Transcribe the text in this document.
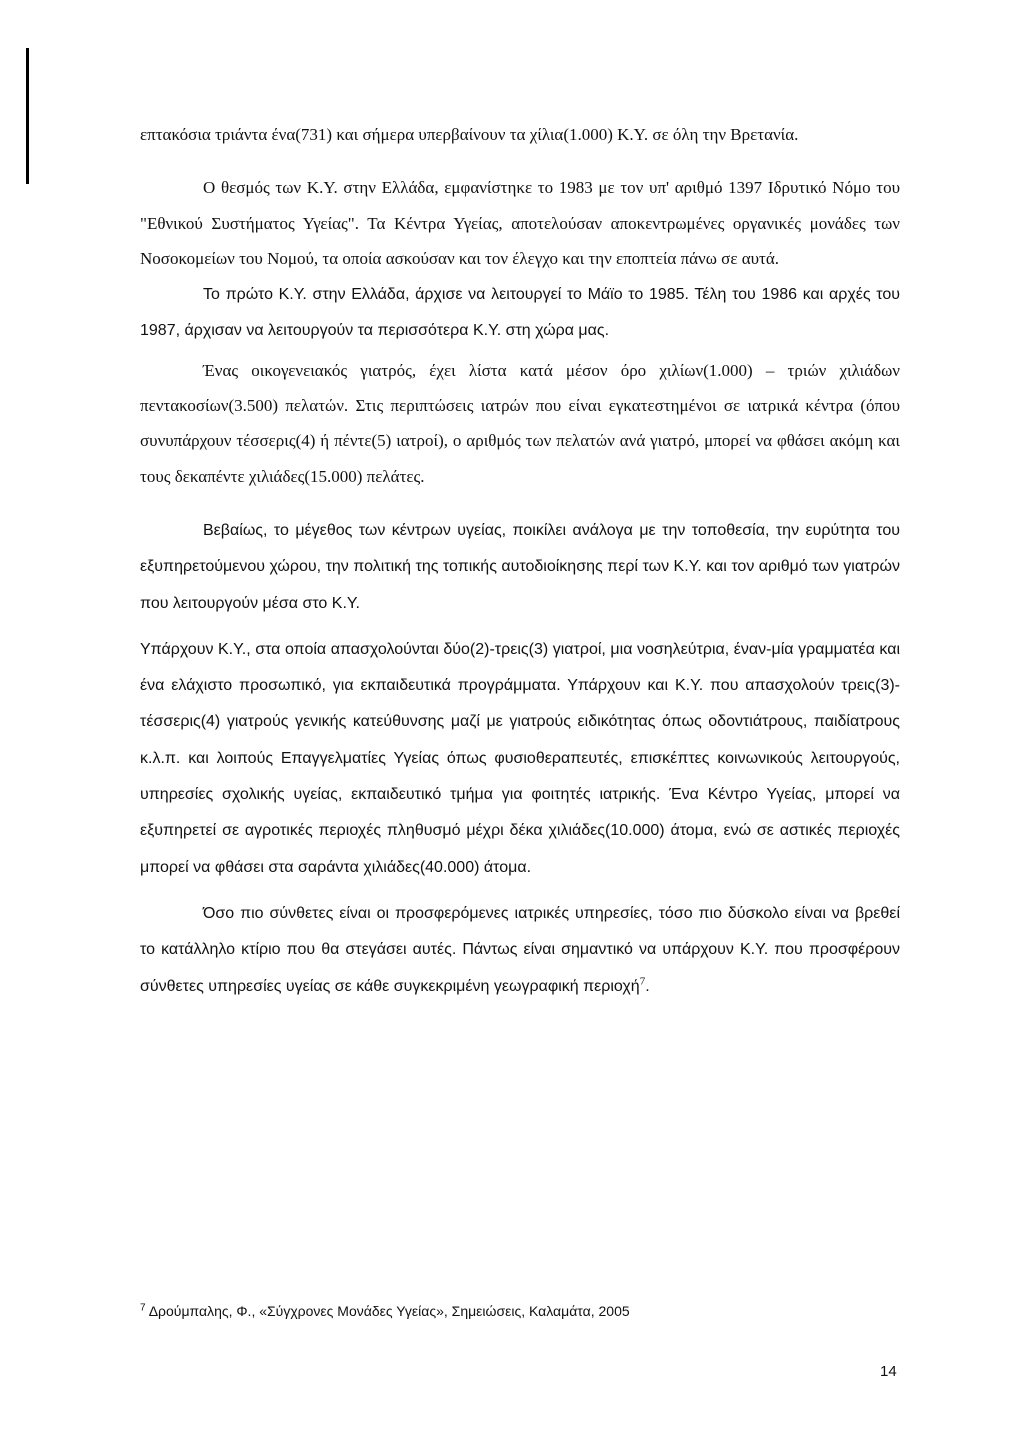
επτακόσια τριάντα ένα(731) και σήμερα υπερβαίνουν τα χίλια(1.000) Κ.Υ. σε όλη την Βρετανία.

Ο θεσμός των Κ.Υ. στην Ελλάδα, εμφανίστηκε το 1983 με τον υπ' αριθμό 1397 Ιδρυτικό Νόμο του "Εθνικού Συστήματος Υγείας". Τα Κέντρα Υγείας, αποτελούσαν αποκεντρωμένες οργανικές μονάδες των Νοσοκομείων του Νομού, τα οποία ασκούσαν και τον έλεγχο και την εποπτεία πάνω σε αυτά.

Το πρώτο Κ.Υ. στην Ελλάδα, άρχισε να λειτουργεί το Μάϊο το 1985. Τέλη του 1986 και αρχές του 1987, άρχισαν να λειτουργούν τα περισσότερα Κ.Υ. στη χώρα μας.

Ένας οικογενειακός γιατρός, έχει λίστα κατά μέσον όρο χιλίων(1.000) – τριών χιλιάδων πεντακοσίων(3.500) πελατών. Στις περιπτώσεις ιατρών που είναι εγκατεστημένοι σε ιατρικά κέντρα (όπου συνυπάρχουν τέσσερις(4) ή πέντε(5) ιατροί), ο αριθμός των πελατών ανά γιατρό, μπορεί να φθάσει ακόμη και τους δεκαπέντε χιλιάδες(15.000) πελάτες.

Βεβαίως, το μέγεθος των κέντρων υγείας, ποικίλει ανάλογα με την τοποθεσία, την ευρύτητα του εξυπηρετούμενου χώρου, την πολιτική της τοπικής αυτοδιοίκησης περί των Κ.Υ. και τον αριθμό των γιατρών που λειτουργούν μέσα στο Κ.Υ.

Υπάρχουν Κ.Υ., στα οποία απασχολούνται δύο(2)-τρεις(3) γιατροί, μια νοσηλεύτρια, έναν-μία γραμματέα και ένα ελάχιστο προσωπικό, για εκπαιδευτικά προγράμματα. Υπάρχουν και Κ.Υ. που απασχολούν τρεις(3)-τέσσερις(4) γιατρούς γενικής κατεύθυνσης μαζί με γιατρούς ειδικότητας όπως οδοντιάτρους, παιδίατρους κ.λ.π. και λοιπούς Επαγγελματίες Υγείας όπως φυσιοθεραπευτές, επισκέπτες κοινωνικούς λειτουργούς, υπηρεσίες σχολικής υγείας, εκπαιδευτικό τμήμα για φοιτητές ιατρικής. Ένα Κέντρο Υγείας, μπορεί να εξυπηρετεί σε αγροτικές περιοχές πληθυσμό μέχρι δέκα χιλιάδες(10.000) άτομα, ενώ σε αστικές περιοχές μπορεί να φθάσει στα σαράντα χιλιάδες(40.000) άτομα.

Όσο πιο σύνθετες είναι οι προσφερόμενες ιατρικές υπηρεσίες, τόσο πιο δύσκολο είναι να βρεθεί το κατάλληλο κτίριο που θα στεγάσει αυτές. Πάντως είναι σημαντικό να υπάρχουν Κ.Υ. που προσφέρουν σύνθετες υπηρεσίες υγείας σε κάθε συγκεκριμένη γεωγραφική περιοχή$^7$.

$^7$ Δρούμπαλης, Φ., «Σύγχρονες Μονάδες Υγείας», Σημειώσεις, Καλαμάτα, 2005
14
